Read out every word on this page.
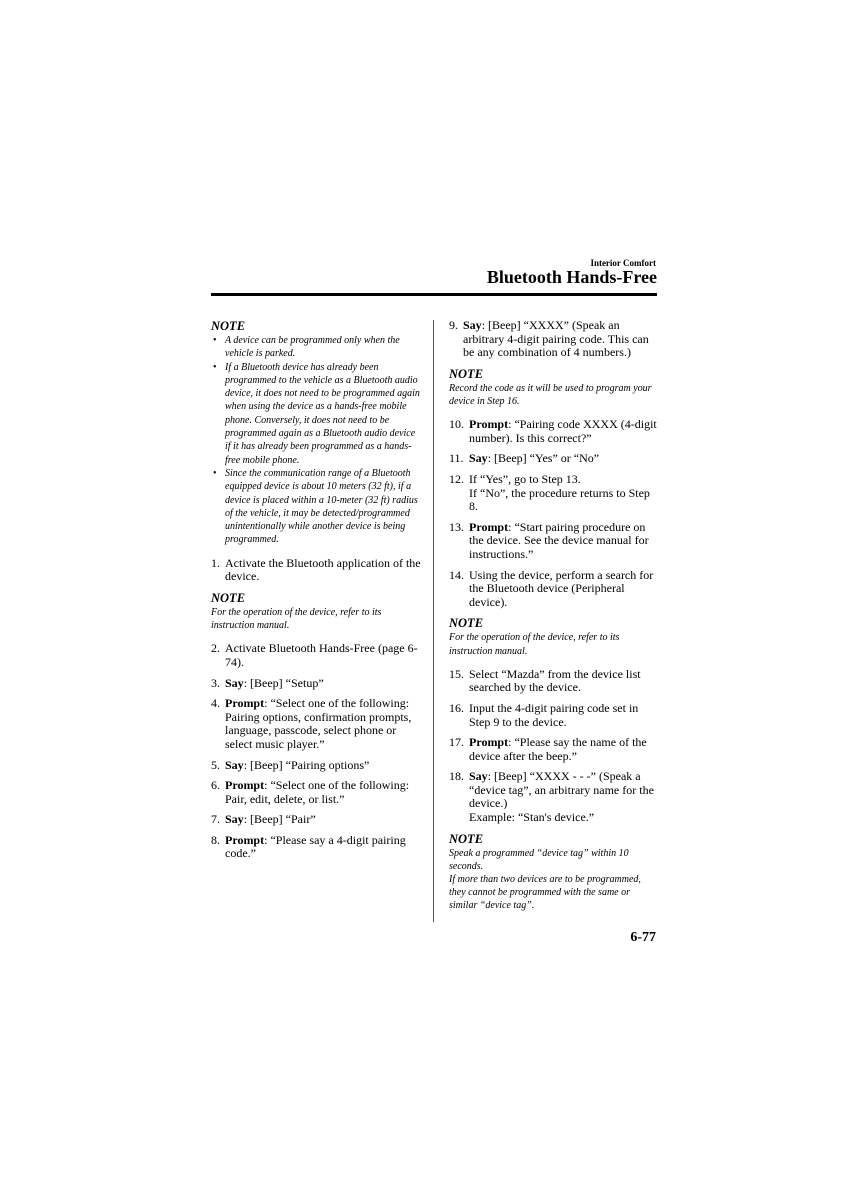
Interior Comfort
Bluetooth Hands-Free
NOTE
• A device can be programmed only when the vehicle is parked.
• If a Bluetooth device has already been programmed to the vehicle as a Bluetooth audio device, it does not need to be programmed again when using the device as a hands-free mobile phone. Conversely, it does not need to be programmed again as a Bluetooth audio device if it has already been programmed as a hands-free mobile phone.
• Since the communication range of a Bluetooth equipped device is about 10 meters (32 ft), if a device is placed within a 10-meter (32 ft) radius of the vehicle, it may be detected/programmed unintentionally while another device is being programmed.
1. Activate the Bluetooth application of the device.
NOTE
For the operation of the device, refer to its instruction manual.
2. Activate Bluetooth Hands-Free (page 6-74).
3. Say: [Beep] “Setup”
4. Prompt: “Select one of the following: Pairing options, confirmation prompts, language, passcode, select phone or select music player.”
5. Say: [Beep] “Pairing options”
6. Prompt: “Select one of the following: Pair, edit, delete, or list.”
7. Say: [Beep] “Pair”
8. Prompt: “Please say a 4-digit pairing code.”
9. Say: [Beep] “XXXX” (Speak an arbitrary 4-digit pairing code. This can be any combination of 4 numbers.)
NOTE
Record the code as it will be used to program your device in Step 16.
10. Prompt: “Pairing code XXXX (4-digit number). Is this correct?”
11. Say: [Beep] “Yes” or “No”
12. If “Yes”, go to Step 13.
If “No”, the procedure returns to Step 8.
13. Prompt: “Start pairing procedure on the device. See the device manual for instructions.”
14. Using the device, perform a search for the Bluetooth device (Peripheral device).
NOTE
For the operation of the device, refer to its instruction manual.
15. Select “Mazda” from the device list searched by the device.
16. Input the 4-digit pairing code set in Step 9 to the device.
17. Prompt: “Please say the name of the device after the beep.”
18. Say: [Beep] “XXXX - - -” (Speak a “device tag”, an arbitrary name for the device.)
Example: “Stan's device.”
NOTE
Speak a programmed “device tag” within 10 seconds.
If more than two devices are to be programmed, they cannot be programmed with the same or similar “device tag”.
6-77
